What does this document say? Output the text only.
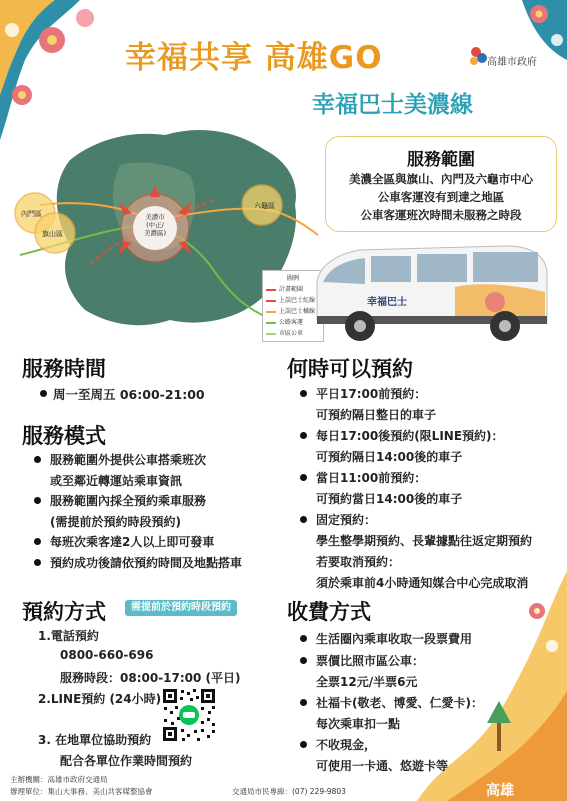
幸福共享 高雄GO	高雄市政府
幸福巴士美濃線
美濃市
(中正/
美濃區)
內門區
旗山區
六龜區
圖例
計畫範圍
上誤巴士紅線
上誤巴士橘線
公路客運
市區公車
服務範圍
美濃全區與旗山、內門及六龜市中心
公車客運沒有到達之地區
公車客運班次時間未服務之時段
幸福巴士
服務時間
周一至周五 06:00-21:00
服務模式
服務範圍外提供公車搭乘班次
或至鄰近轉運站乘車資訊
服務範圍內採全預約乘車服務
(需提前於預約時段預約)
每班次乘客達2人以上即可發車
預約成功後請依預約時間及地點搭車
何時可以預約
平日17:00前預約：
可預約隔日整日的車子
每日17:00後預約(限LINE預約)：
可預約隔日14:00後的車子
當日11:00前預約：
可預約當日14:00後的車子
固定預約：
學生整學期預約、長輩據點往返定期預約
若要取消預約：
須於乘車前4小時通知媒合中心完成取消
預約方式	需提前於預約時段預約
1.電話預約
0800-660-696
服務時段：08:00-17:00 (平日)
2.LINE預約 (24小時)
3. 在地單位協助預約
配合各單位作業時間預約
收費方式
生活圈內乘車收取一段票費用
票價比照市區公車：
全票12元/半票6元
社福卡(敬老、博愛、仁愛卡)：
每次乘車扣一點
不收現金，
可使用一卡通、悠遊卡等
高雄
主辦機關：高雄市政府交通局
辦理單位：集山大事務、美山共客媒整協會	交通局市民專線：(07) 229-9803
